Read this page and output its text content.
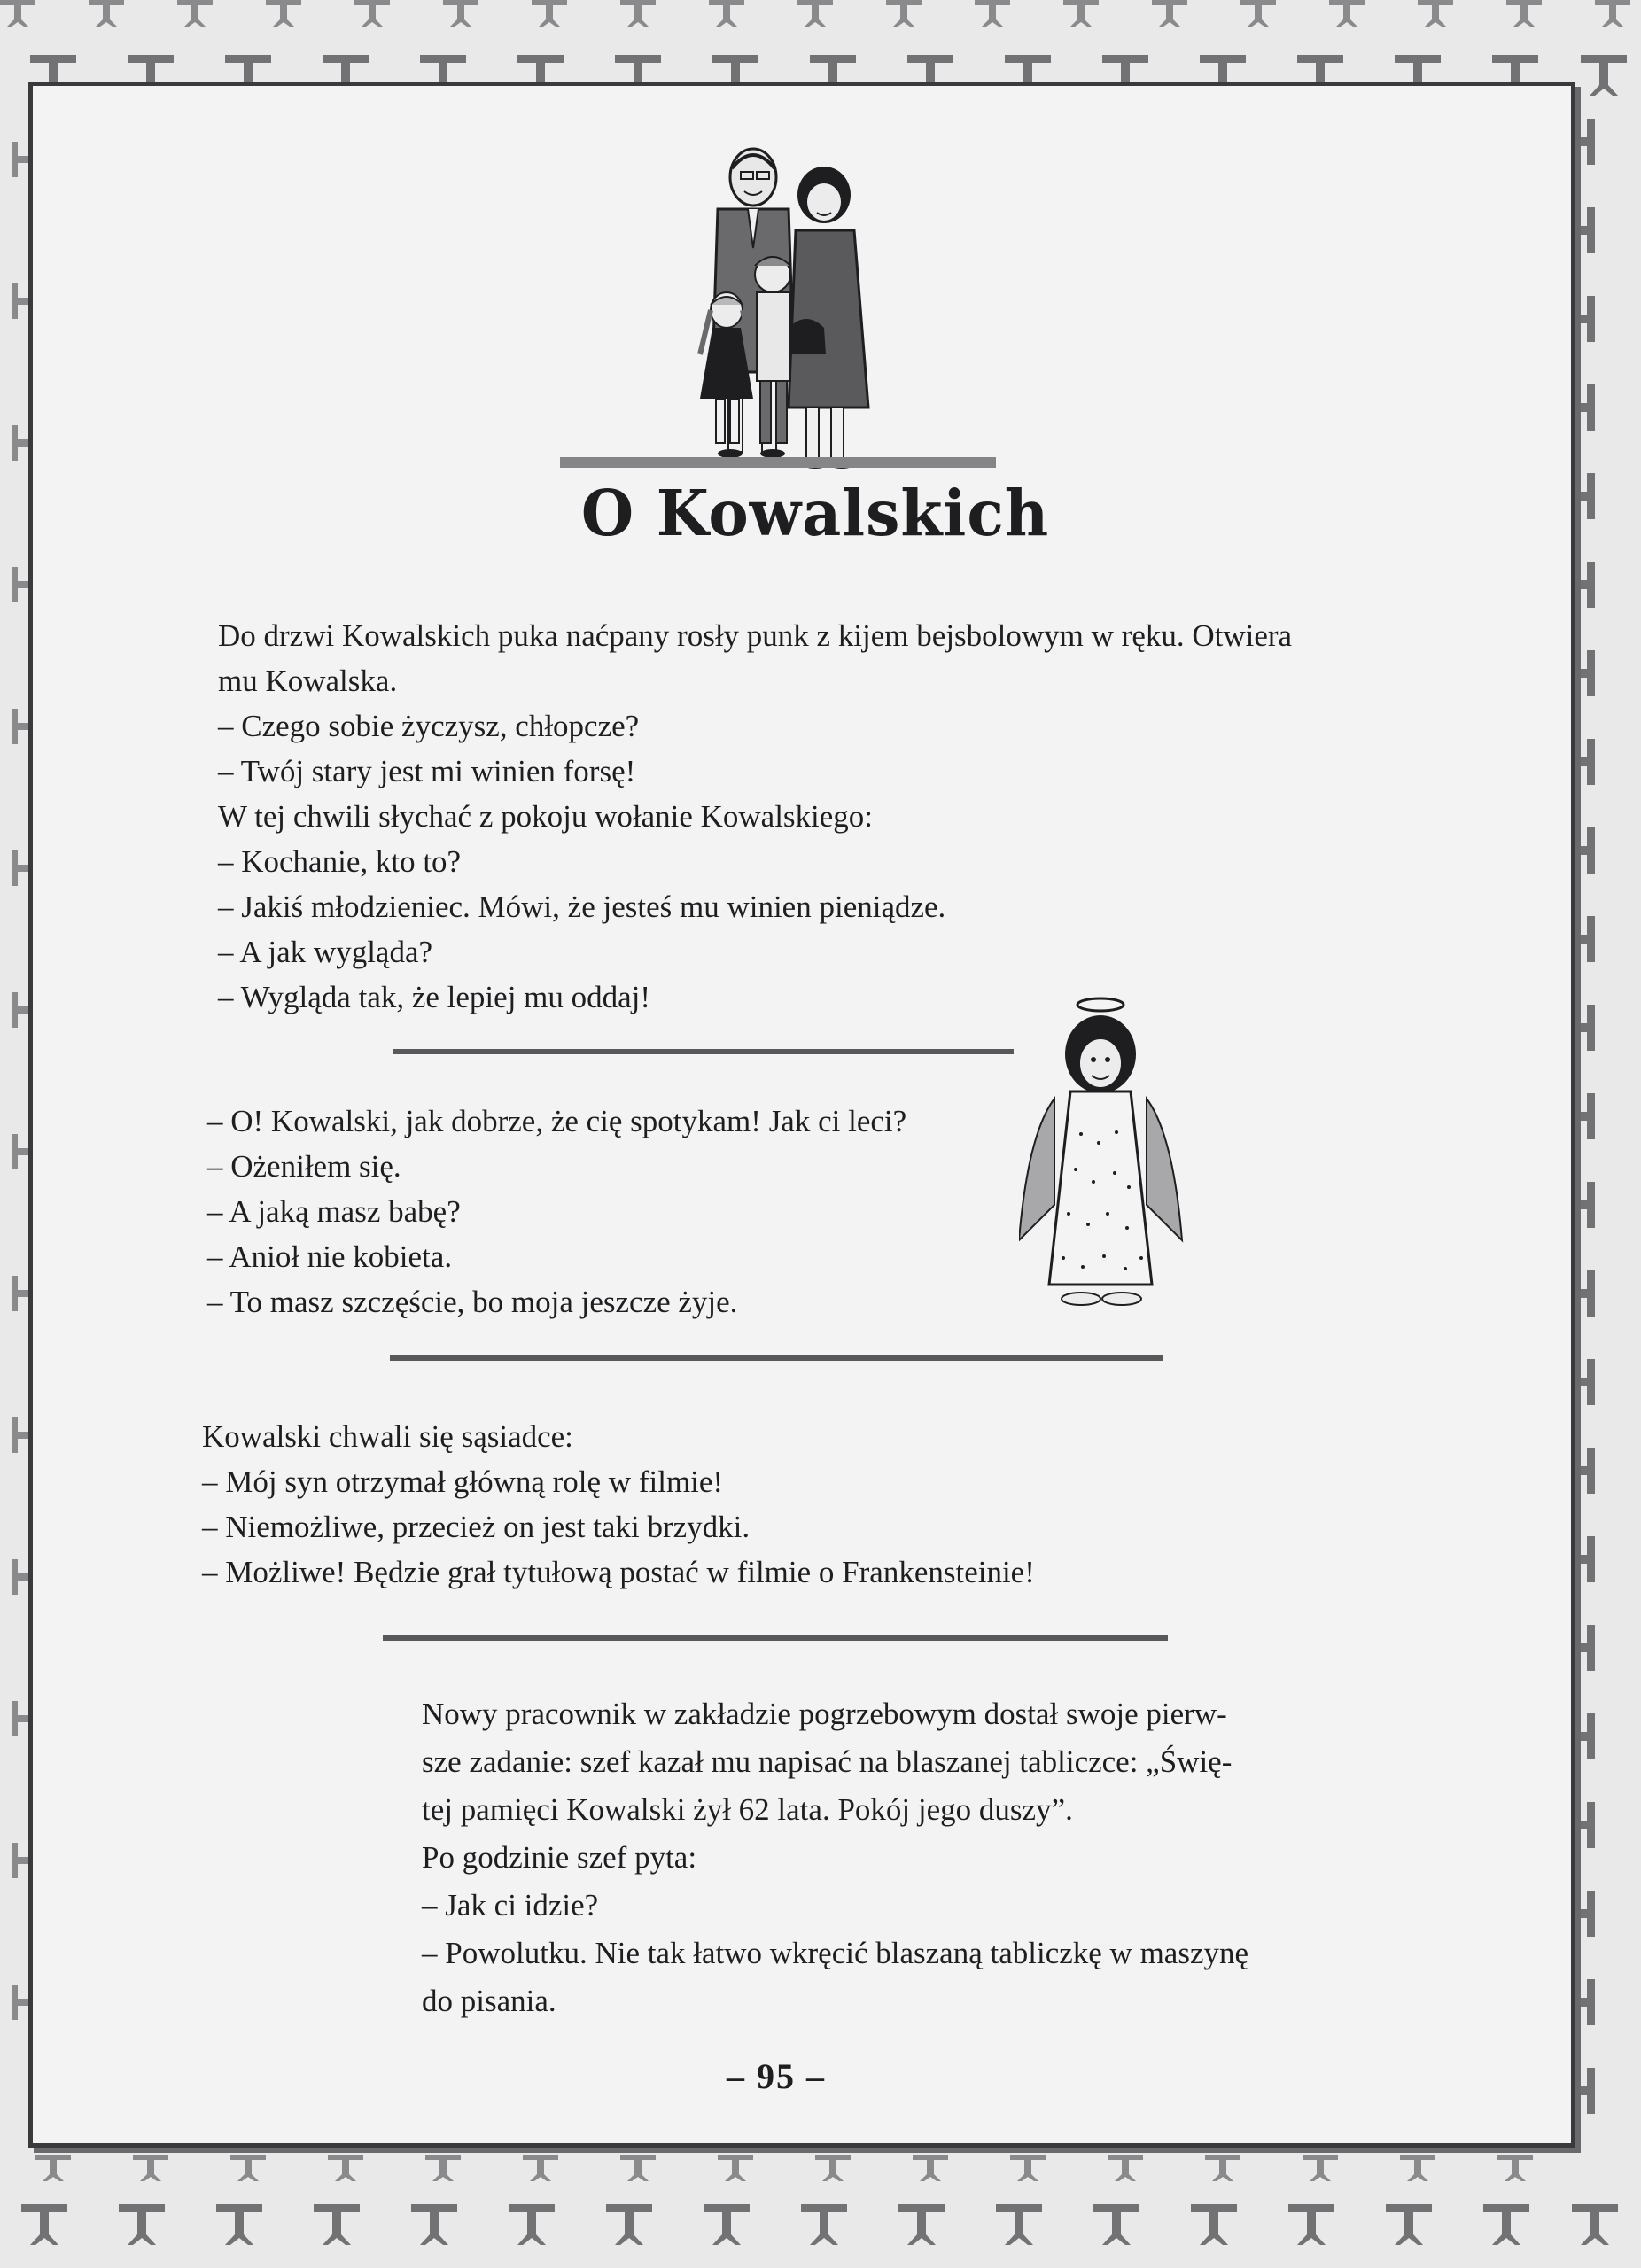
O Kowalskich
Do drzwi Kowalskich puka naćpany rosły punk z kijem bejsbolowym w ręku. Otwiera
mu Kowalska.
– Czego sobie życzysz, chłopcze?
– Twój stary jest mi winien forsę!
W tej chwili słychać z pokoju wołanie Kowalskiego:
– Kochanie, kto to?
– Jakiś młodzieniec. Mówi, że jesteś mu winien pieniądze.
– A jak wygląda?
– Wygląda tak, że lepiej mu oddaj!
– O! Kowalski, jak dobrze, że cię spotykam! Jak ci leci?
– Ożeniłem się.
– A jaką masz babę?
– Anioł nie kobieta.
– To masz szczęście, bo moja jeszcze żyje.
Kowalski chwali się sąsiadce:
– Mój syn otrzymał główną rolę w filmie!
– Niemożliwe, przecież on jest taki brzydki.
– Możliwe! Będzie grał tytułową postać w filmie o Frankensteinie!
Nowy pracownik w zakładzie pogrzebowym dostał swoje pierw-
sze zadanie: szef kazał mu napisać na blaszanej tabliczce: „Świę-
tej pamięci Kowalski żył 62 lata. Pokój jego duszy”.
Po godzinie szef pyta:
– Jak ci idzie?
– Powolutku. Nie tak łatwo wkręcić blaszaną tabliczkę w maszynę
do pisania.
– 95 –
